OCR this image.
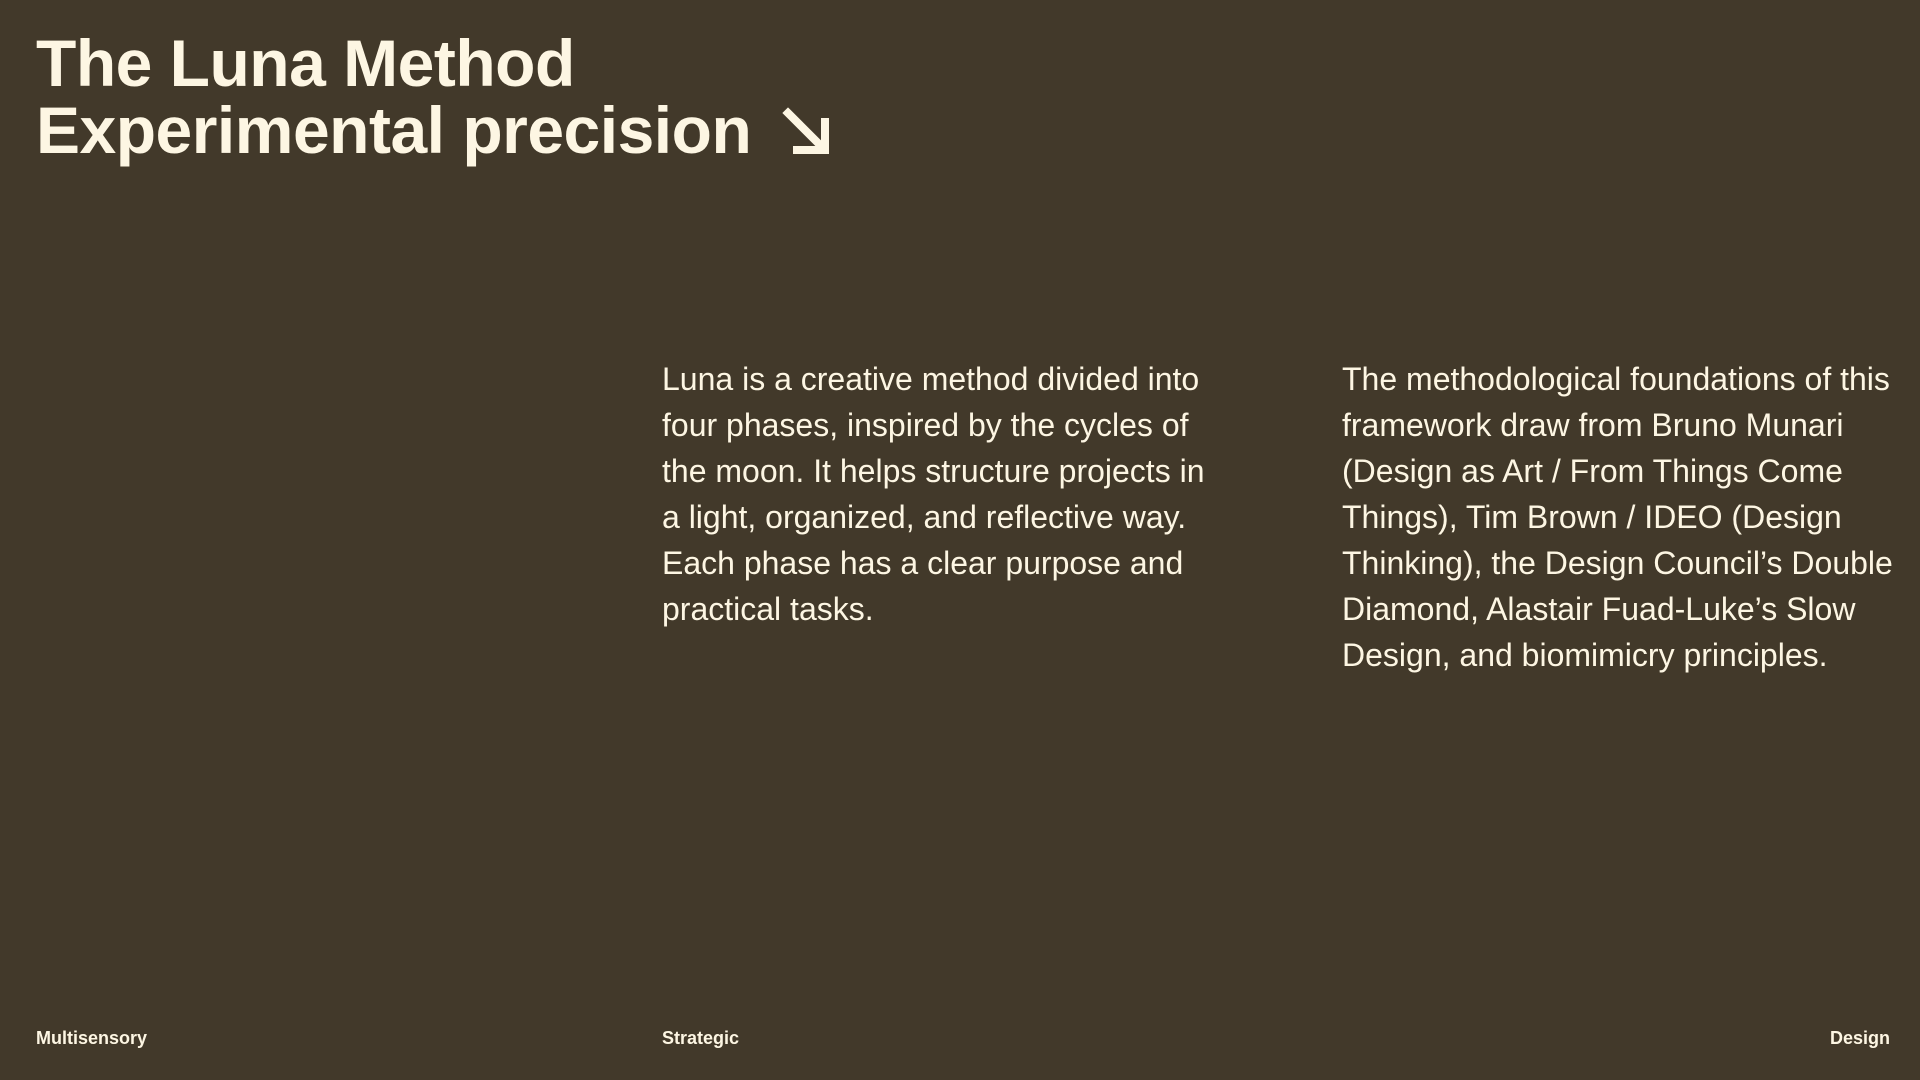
The Luna Method
Experimental precision

Luna is a creative method divided into four phases, inspired by the cycles of the moon. It helps structure projects in a light, organized, and reflective way. Each phase has a clear purpose and practical tasks.

The methodological foundations of this framework draw from Bruno Munari (Design as Art / From Things Come Things), Tim Brown / IDEO (Design Thinking), the Design Council’s Double Diamond, Alastair Fuad-Luke’s Slow Design, and biomimicry principles.

Multisensory	Strategic	Design
